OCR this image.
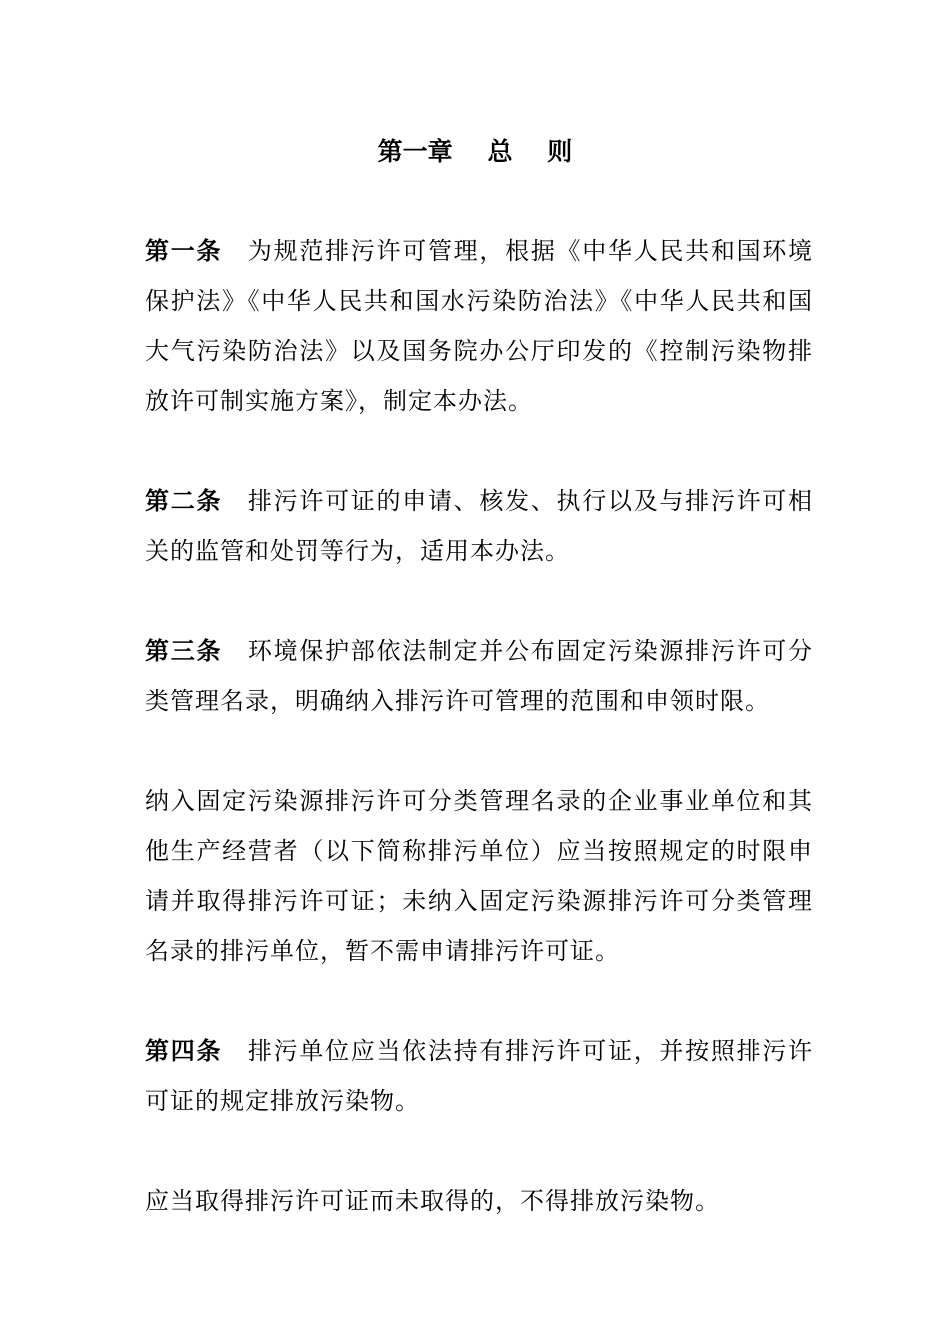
第一章    总    则

第一条　 为规范排污许可管理，根据《中华人民共和国环境保护法》《中华人民共和国水污染防治法》《中华人民共和国大气污染防治法》以及国务院办公厅印发的《控制污染物排放许可制实施方案》，制定本办法。

第二条　 排污许可证的申请、核发、执行以及与排污许可相关的监管和处罚等行为，适用本办法。

第三条　 环境保护部依法制定并公布固定污染源排污许可分类管理名录，明确纳入排污许可管理的范围和申领时限。

纳入固定污染源排污许可分类管理名录的企业事业单位和其他生产经营者（以下简称排污单位）应当按照规定的时限申请并取得排污许可证；未纳入固定污染源排污许可分类管理名录的排污单位，暂不需申请排污许可证。

第四条　 排污单位应当依法持有排污许可证，并按照排污许可证的规定排放污染物。

应当取得排污许可证而未取得的，不得排放污染物。
